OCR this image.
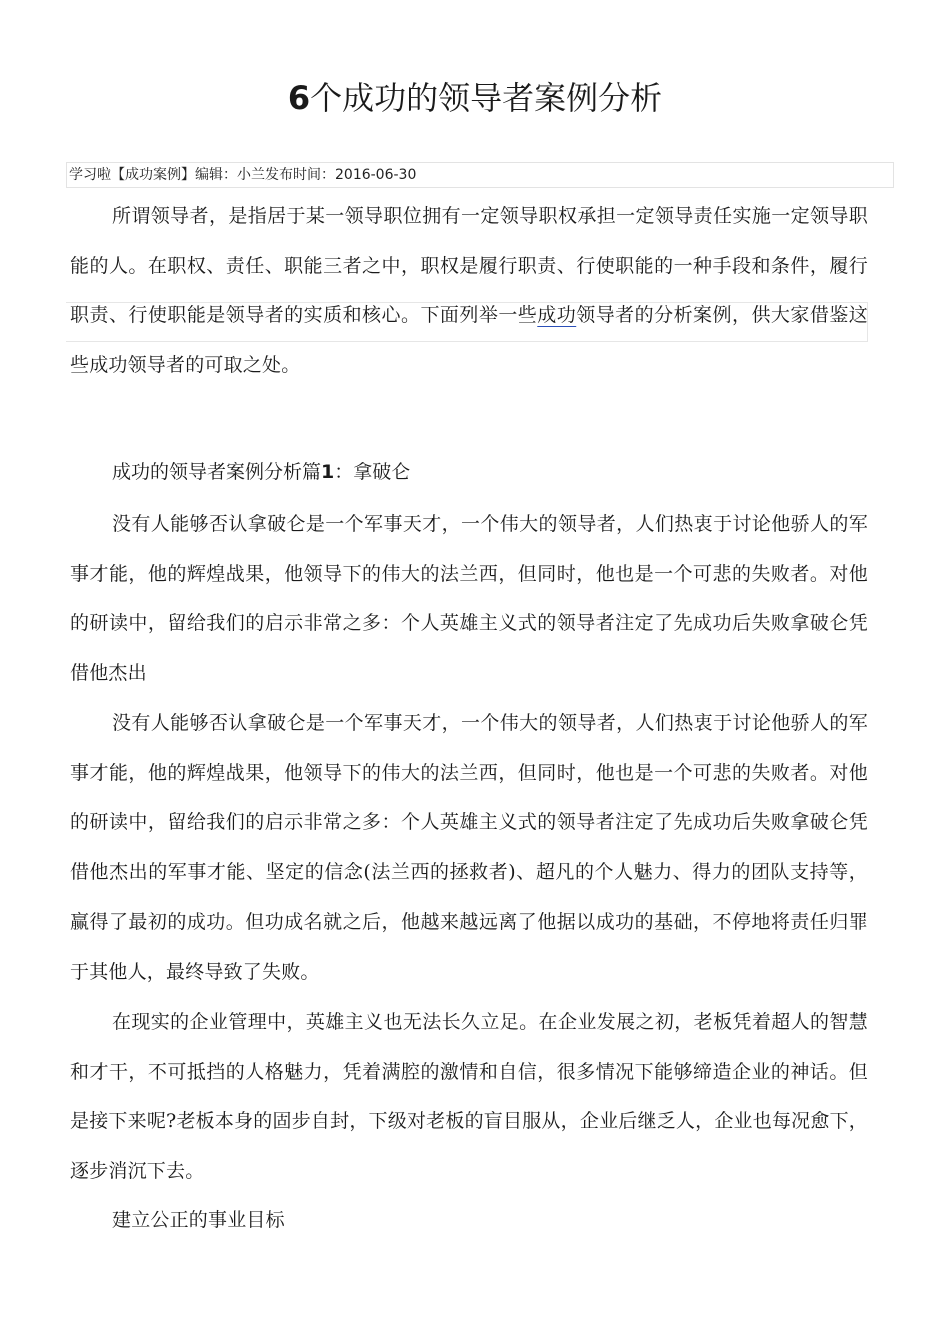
6个成功的领导者案例分析
学习啦【成功案例】编辑：小兰发布时间：2016-06-30

所谓领导者，是指居于某一领导职位拥有一定领导职权承担一定领导责任实施一定领导职能的人。在职权、责任、职能三者之中，职权是履行职责、行使职能的一种手段和条件，履行职责、行使职能是领导者的实质和核心。下面列举一些成功领导者的分析案例，供大家借鉴这些成功领导者的可取之处。

成功的领导者案例分析篇1：拿破仑

没有人能够否认拿破仑是一个军事天才，一个伟大的领导者，人们热衷于讨论他骄人的军事才能，他的辉煌战果，他领导下的伟大的法兰西，但同时，他也是一个可悲的失败者。对他的研读中，留给我们的启示非常之多：个人英雄主义式的领导者注定了先成功后失败拿破仑凭借他杰出

没有人能够否认拿破仑是一个军事天才，一个伟大的领导者，人们热衷于讨论他骄人的军事才能，他的辉煌战果，他领导下的伟大的法兰西，但同时，他也是一个可悲的失败者。对他的研读中，留给我们的启示非常之多：个人英雄主义式的领导者注定了先成功后失败拿破仑凭借他杰出的军事才能、坚定的信念(法兰西的拯救者)、超凡的个人魅力、得力的团队支持等，赢得了最初的成功。但功成名就之后，他越来越远离了他据以成功的基础，不停地将责任归罪于其他人，最终导致了失败。

在现实的企业管理中，英雄主义也无法长久立足。在企业发展之初，老板凭着超人的智慧和才干，不可抵挡的人格魅力，凭着满腔的激情和自信，很多情况下能够缔造企业的神话。但是接下来呢?老板本身的固步自封，下级对老板的盲目服从，企业后继乏人，企业也每况愈下，逐步消沉下去。

建立公正的事业目标
